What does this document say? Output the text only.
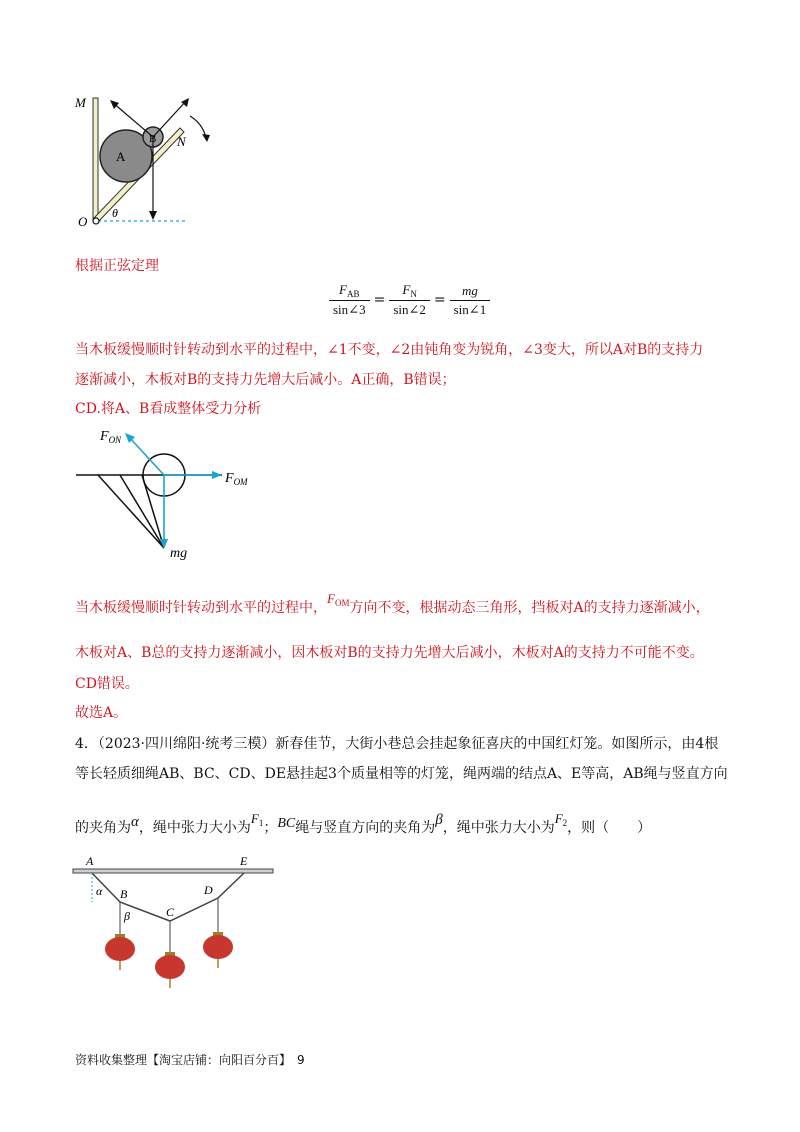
M
N
A
B
O
θ
根据正弦定理
$\frac{F_{AB}}{\sin\angle 3} = \frac{F_N}{\sin\angle 2} = \frac{mg}{\sin\angle 1}$
当木板缓慢顺时针转动到水平的过程中，∠1不变，∠2由钝角变为锐角，∠3变大，所以A对B的支持力
逐渐减小，木板对B的支持力先增大后减小。A正确，B错误；
CD.将A、B看成整体受力分析
$F_{ON}$
$F_{OM}$
mg
当木板缓慢顺时针转动到水平的过程中，$F_{OM}$方向不变，根据动态三角形，挡板对A的支持力逐渐减小，
木板对A、B总的支持力逐渐减小，因木板对B的支持力先增大后减小，木板对A的支持力不可能不变。
CD错误。
故选A。
4．（2023·四川绵阳·统考三模）新春佳节，大街小巷总会挂起象征喜庆的中国红灯笼。如图所示，由4根
等长轻质细绳AB、BC、CD、DE悬挂起3个质量相等的灯笼，绳两端的结点A、E等高，AB绳与竖直方向
的夹角为α，绳中张力大小为$F_1$；BC绳与竖直方向的夹角为β，绳中张力大小为$F_2$，则（　　）
A	E
B
C
D
α
β
资料收集整理【淘宝店铺：向阳百分百】　9
